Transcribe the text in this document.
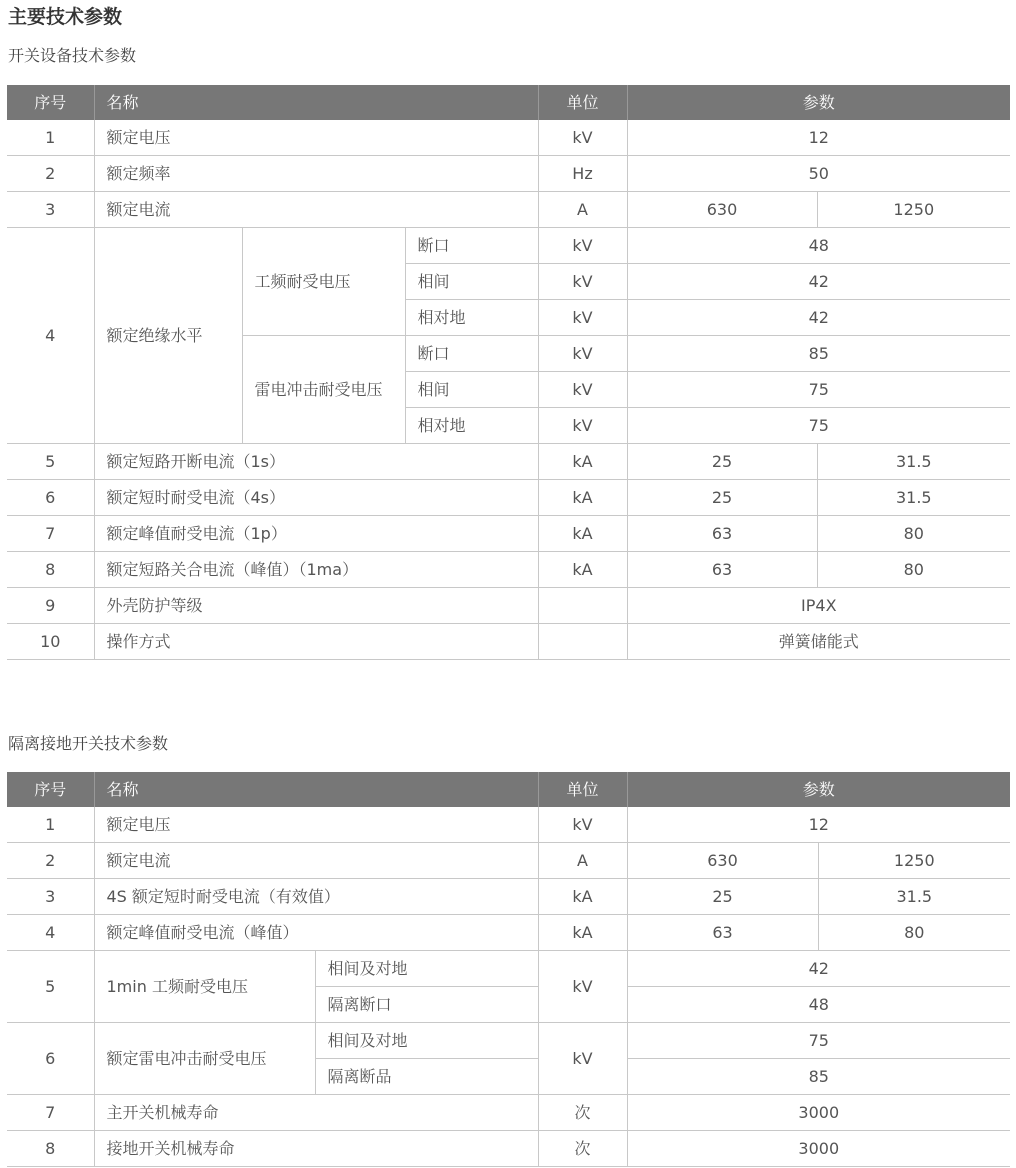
主要技术参数
开关设备技术参数
序号	名称			单位	参数	
1	额定电压			kV	12	
2	额定频率			Hz	50	
3	额定电流			A	630	1250
4	额定绝缘水平	工频耐受电压	断口	kV	48	
			相间	kV	42	
			相对地	kV	42	
		雷电冲击耐受电压	断口	kV	85	
			相间	kV	75	
			相对地	kV	75	
5	额定短路开断电流（1s）			kA	25	31.5
6	额定短时耐受电流（4s）			kA	25	31.5
7	额定峰值耐受电流（1p）			kA	63	80
8	额定短路关合电流（峰值）（1ma）			kA	63	80
9	外壳防护等级				IP4X	
10	操作方式				弹簧储能式	
隔离接地开关技术参数
序号	名称		单位	参数	
1	额定电压		kV	12	
2	额定电流		A	630	1250
3	4S 额定短时耐受电流（有效值）		kA	25	31.5
4	额定峰值耐受电流（峰值）		kA	63	80
5	1min 工频耐受电压	相间及对地	kV	42	
		隔离断口		48	
6	额定雷电冲击耐受电压	相间及对地	kV	75	
		隔离断品		85	
7	主开关机械寿命		次	3000	
8	接地开关机械寿命		次	3000	
